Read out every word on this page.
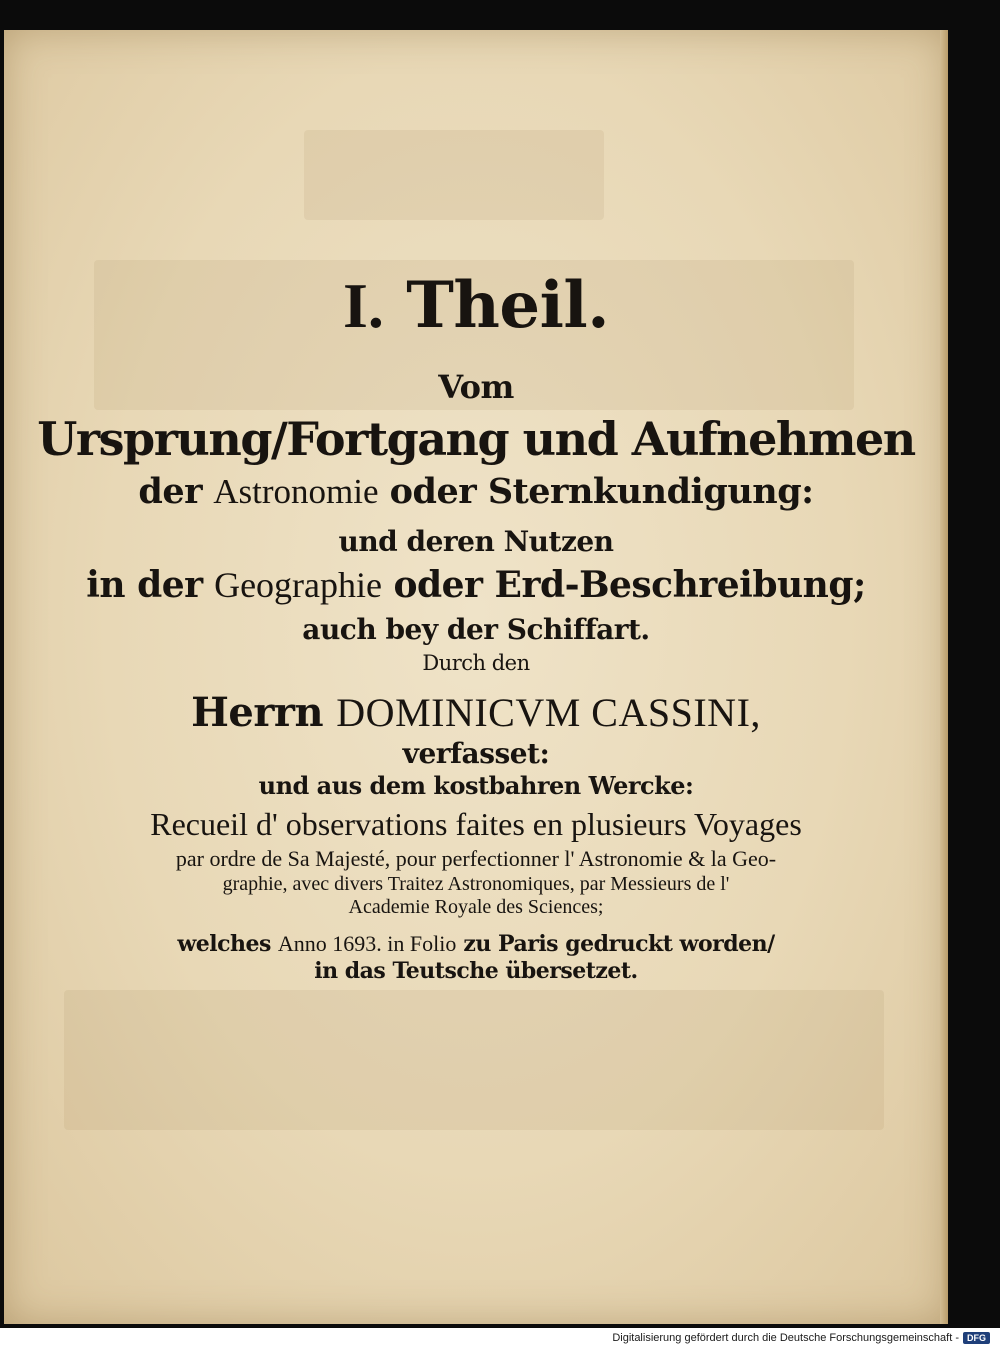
I. Theil.
Vom
Ursprung/Fortgang und Aufnehmen
der Astronomie oder Sternkundigung:
und deren Nutzen
in der Geographie oder Erd-Beschreibung;
auch bey der Schiffart.
Durch den
Herrn DOMINICVM CASSINI,
verfasset:
und aus dem kostbahren Wercke:
Recueil d' observations faites en plusieurs Voyages
par ordre de Sa Majesté, pour perfectionner l' Astronomie & la Geo-
graphie, avec divers Traitez Astronomiques, par Messieurs de l'
Academie Royale des Sciences;
welches Anno 1693. in Folio zu Paris gedruckt worden/
in das Teutsche übersetzet.
Digitalisierung gefördert durch die Deutsche Forschungsgemeinschaft - DFG
